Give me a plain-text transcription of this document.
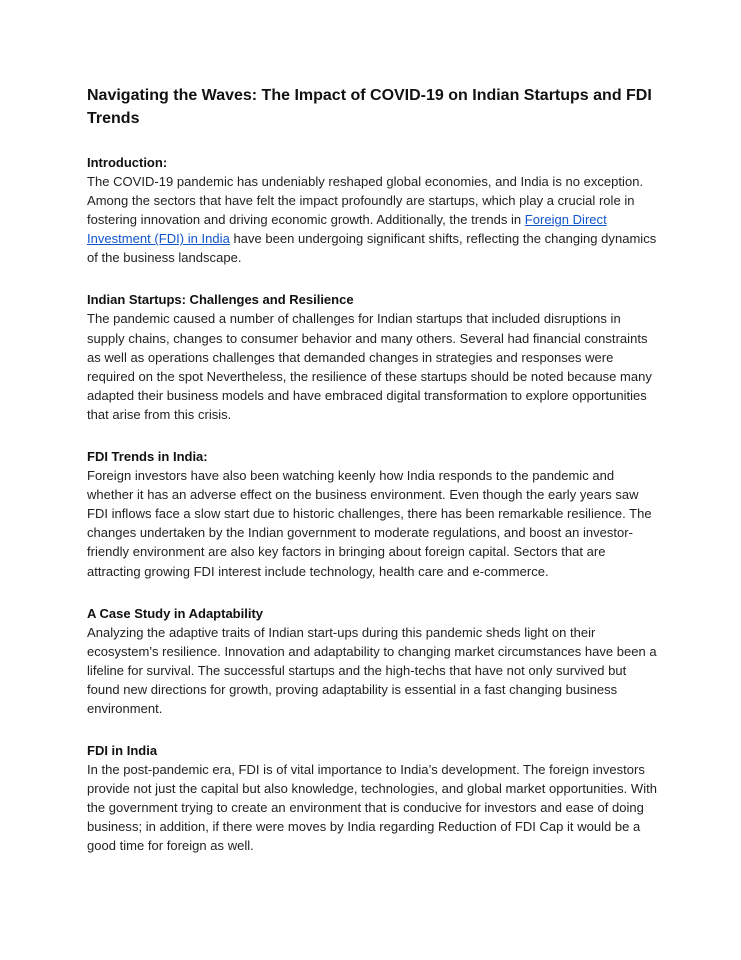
Navigating the Waves: The Impact of COVID-19 on Indian Startups and FDI Trends

Introduction:

The COVID-19 pandemic has undeniably reshaped global economies, and India is no exception. Among the sectors that have felt the impact profoundly are startups, which play a crucial role in fostering innovation and driving economic growth. Additionally, the trends in Foreign Direct Investment (FDI) in India have been undergoing significant shifts, reflecting the changing dynamics of the business landscape.

Indian Startups: Challenges and Resilience

The pandemic caused a number of challenges for Indian startups that included disruptions in supply chains, changes to consumer behavior and many others. Several had financial constraints as well as operations challenges that demanded changes in strategies and responses were required on the spot Nevertheless, the resilience of these startups should be noted because many adapted their business models and have embraced digital transformation to explore opportunities that arise from this crisis.

FDI Trends in India:

Foreign investors have also been watching keenly how India responds to the pandemic and whether it has an adverse effect on the business environment. Even though the early years saw FDI inflows face a slow start due to historic challenges, there has been remarkable resilience. The changes undertaken by the Indian government to moderate regulations, and boost an investor-friendly environment are also key factors in bringing about foreign capital. Sectors that are attracting growing FDI interest include technology, health care and e-commerce.

A Case Study in Adaptability

Analyzing the adaptive traits of Indian start-ups during this pandemic sheds light on their ecosystem’s resilience. Innovation and adaptability to changing market circumstances have been a lifeline for survival. The successful startups and the high-techs that have not only survived but found new directions for growth, proving adaptability is essential in a fast changing business environment.

FDI in India

In the post-pandemic era, FDI is of vital importance to India’s development. The foreign investors provide not just the capital but also knowledge, technologies, and global market opportunities. With the government trying to create an environment that is conducive for investors and ease of doing business; in addition, if there were moves by India regarding Reduction of FDI Cap it would be a good time for foreign as well.
